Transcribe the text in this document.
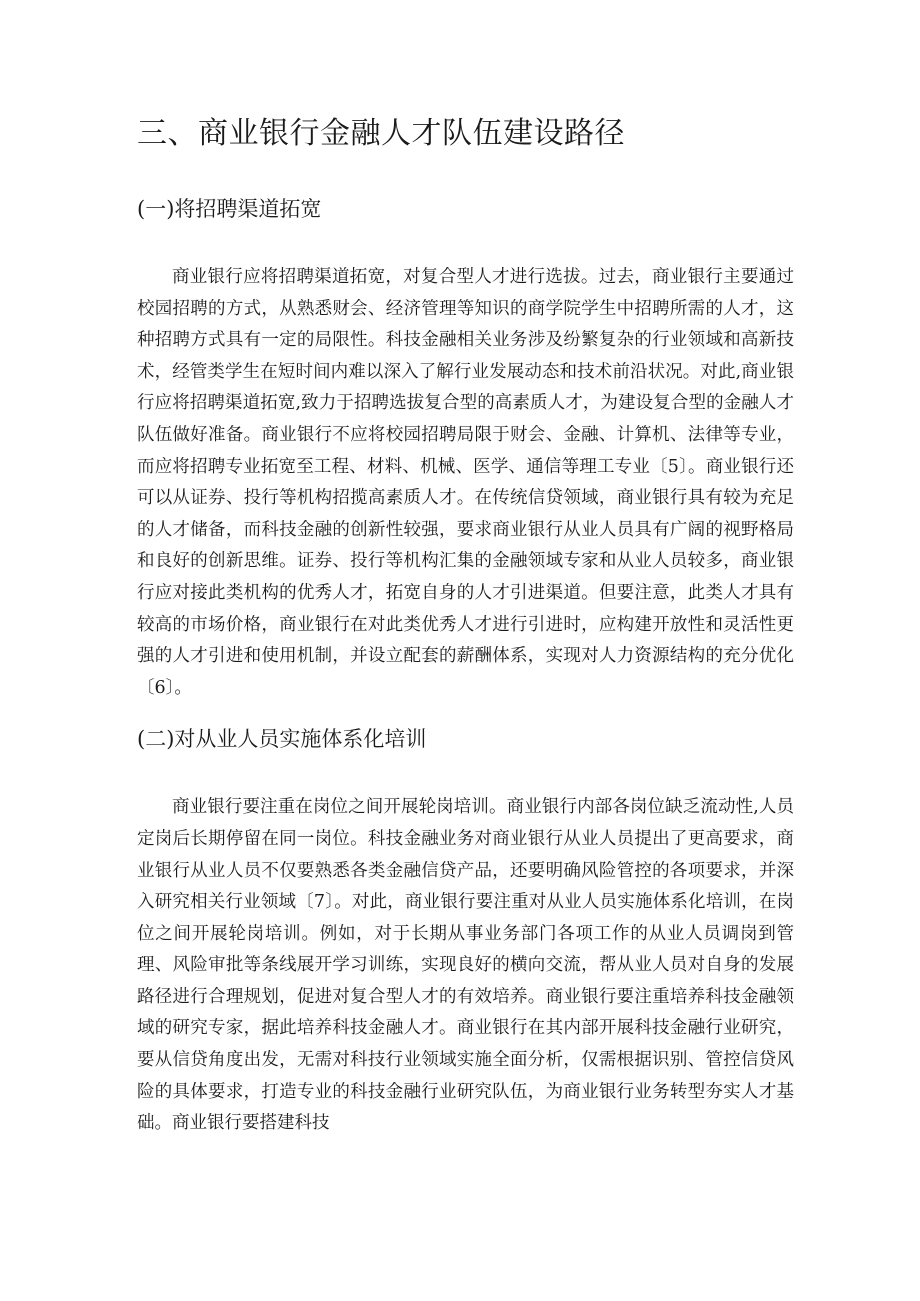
三、商业银行金融人才队伍建设路径
(一)将招聘渠道拓宽

商业银行应将招聘渠道拓宽，对复合型人才进行选拔。过去，商业银行主要通过校园招聘的方式，从熟悉财会、经济管理等知识的商学院学生中招聘所需的人才，这种招聘方式具有一定的局限性。科技金融相关业务涉及纷繁复杂的行业领域和高新技术，经管类学生在短时间内难以深入了解行业发展动态和技术前沿状况。对此,商业银行应将招聘渠道拓宽,致力于招聘选拔复合型的高素质人才，为建设复合型的金融人才队伍做好准备。商业银行不应将校园招聘局限于财会、金融、计算机、法律等专业，而应将招聘专业拓宽至工程、材料、机械、医学、通信等理工专业〔5〕。商业银行还可以从证券、投行等机构招揽高素质人才。在传统信贷领域，商业银行具有较为充足的人才储备，而科技金融的创新性较强，要求商业银行从业人员具有广阔的视野格局和良好的创新思维。证券、投行等机构汇集的金融领域专家和从业人员较多，商业银行应对接此类机构的优秀人才，拓宽自身的人才引进渠道。但要注意，此类人才具有较高的市场价格，商业银行在对此类优秀人才进行引进时，应构建开放性和灵活性更强的人才引进和使用机制，并设立配套的薪酬体系，实现对人力资源结构的充分优化〔6〕。

(二)对从业人员实施体系化培训

商业银行要注重在岗位之间开展轮岗培训。商业银行内部各岗位缺乏流动性,人员定岗后长期停留在同一岗位。科技金融业务对商业银行从业人员提出了更高要求，商业银行从业人员不仅要熟悉各类金融信贷产品，还要明确风险管控的各项要求，并深入研究相关行业领域〔7〕。对此，商业银行要注重对从业人员实施体系化培训，在岗位之间开展轮岗培训。例如，对于长期从事业务部门各项工作的从业人员调岗到管理、风险审批等条线展开学习训练，实现良好的横向交流，帮从业人员对自身的发展路径进行合理规划，促进对复合型人才的有效培养。商业银行要注重培养科技金融领域的研究专家，据此培养科技金融人才。商业银行在其内部开展科技金融行业研究，要从信贷角度出发，无需对科技行业领域实施全面分析，仅需根据识别、管控信贷风险的具体要求，打造专业的科技金融行业研究队伍，为商业银行业务转型夯实人才基础。商业银行要搭建科技
